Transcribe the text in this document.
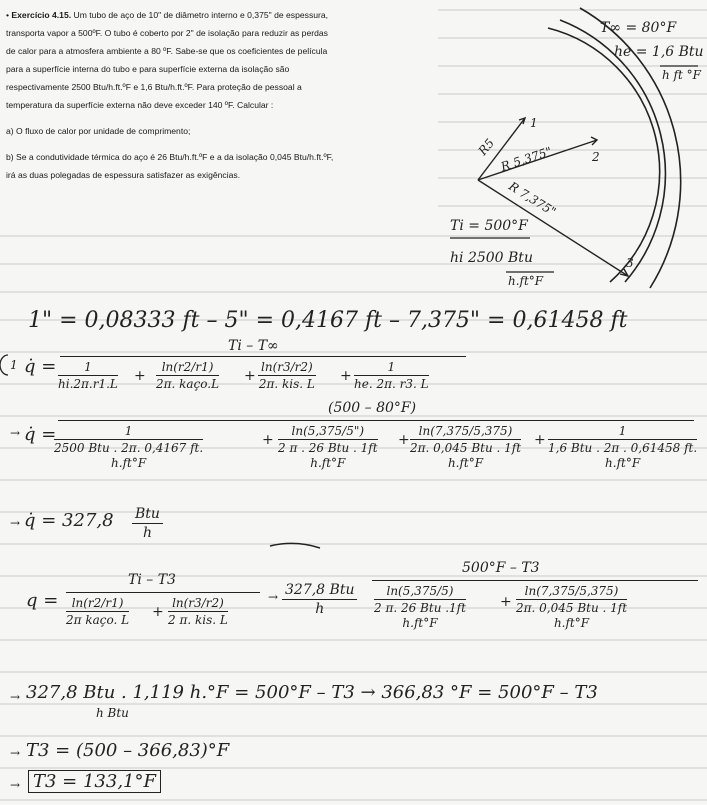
• Exercício 4.15. Um tubo de aço de 10" de diâmetro interno e 0,375" de espessura,

transporta vapor a 500ºF. O tubo é coberto por 2" de isolação para reduzir as perdas

de calor para a atmosfera ambiente a 80 ºF. Sabe-se que os coeficientes de película

para a superfície interna do tubo e para superfície externa da isolação são

respectivamente 2500 Btu/h.ft.ºF e 1,6 Btu/h.ft.ºF. Para proteção de pessoal a

temperatura da superfície externa não deve exceder 140 ºF. Calcular :

a) O fluxo de calor por unidade de comprimento;

b) Se a condutividade térmica do aço é 26 Btu/h.ft.ºF e a da isolação 0,045 Btu/h.ft.ºF,

irá as duas polegadas de espessura satisfazer as exigências.

T∞ = 80°F
he = 1,6 Btu
h ft °F
R5 R 5,375"
R 7,375"
1
2
3
Ti = 500°F
hi 2500 Btu
h.ft°F
1" = 0,08333 ft – 5" = 0,4167 ft – 7,375" = 0,61458 ft
1 q̇ =
Ti – T∞
$\frac{1}{hi.2\pi.r1.L}$ +
ln(r2/r1)
2π. kaço.L +
ln(r3/r2)
2π. kis. $L + \frac{1}{he. 2\pi. r3. L}$
→ q̇ =
(500 – 80°F)
1
2500 Btu . 2π. 0,4167 ft.
h.ft°F
+
ln(5,375/5")
2 π . 26 Btu . 1ft
h.ft°F
+
ln(7,375/5,375)
2π. 0,045 Btu . 1ft
h.ft°F
+
1
1,6 Btu . 2π . 0,61458 ft.
h.ft°F
→ q̇ = 327,8 Btu
h
q =
Ti – T3
ln(r2/r1)
2π kaço. L +
ln(r3/r2)
2 π. kis. L
→ 327,8 Btu
h
500°F – T3
ln(5,375/5)
2 π. 26 Btu .1ft
h.ft°F
+
ln(7,375/5,375)
2π. 0,045 Btu . 1ft
h.ft°F
→ 327,8 Btu . 1,119 h.°F = 500°F – T3 → 366,83 °F = 500°F – T3
h Btu
→ T3 = (500 – 366,83)°F
→ T3 = 133,1°F
